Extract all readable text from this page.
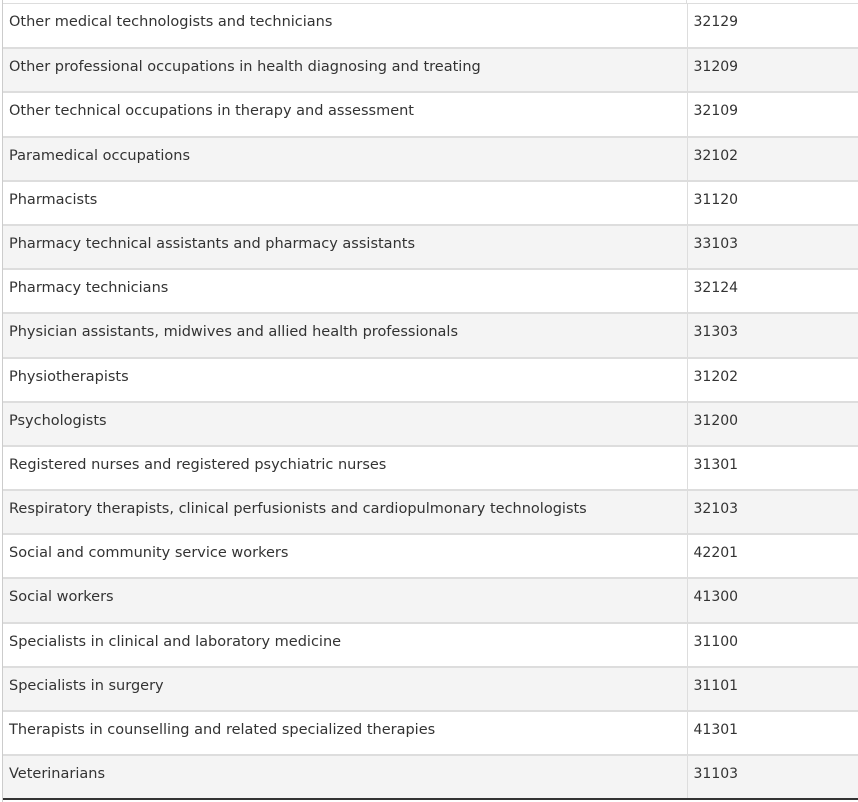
Other medical technologists and technicians	32129
Other professional occupations in health diagnosing and treating	31209
Other technical occupations in therapy and assessment	32109
Paramedical occupations	32102
Pharmacists	31120
Pharmacy technical assistants and pharmacy assistants	33103
Pharmacy technicians	32124
Physician assistants, midwives and allied health professionals	31303
Physiotherapists	31202
Psychologists	31200
Registered nurses and registered psychiatric nurses	31301
Respiratory therapists, clinical perfusionists and cardiopulmonary technologists	32103
Social and community service workers	42201
Social workers	41300
Specialists in clinical and laboratory medicine	31100
Specialists in surgery	31101
Therapists in counselling and related specialized therapies	41301
Veterinarians	31103
